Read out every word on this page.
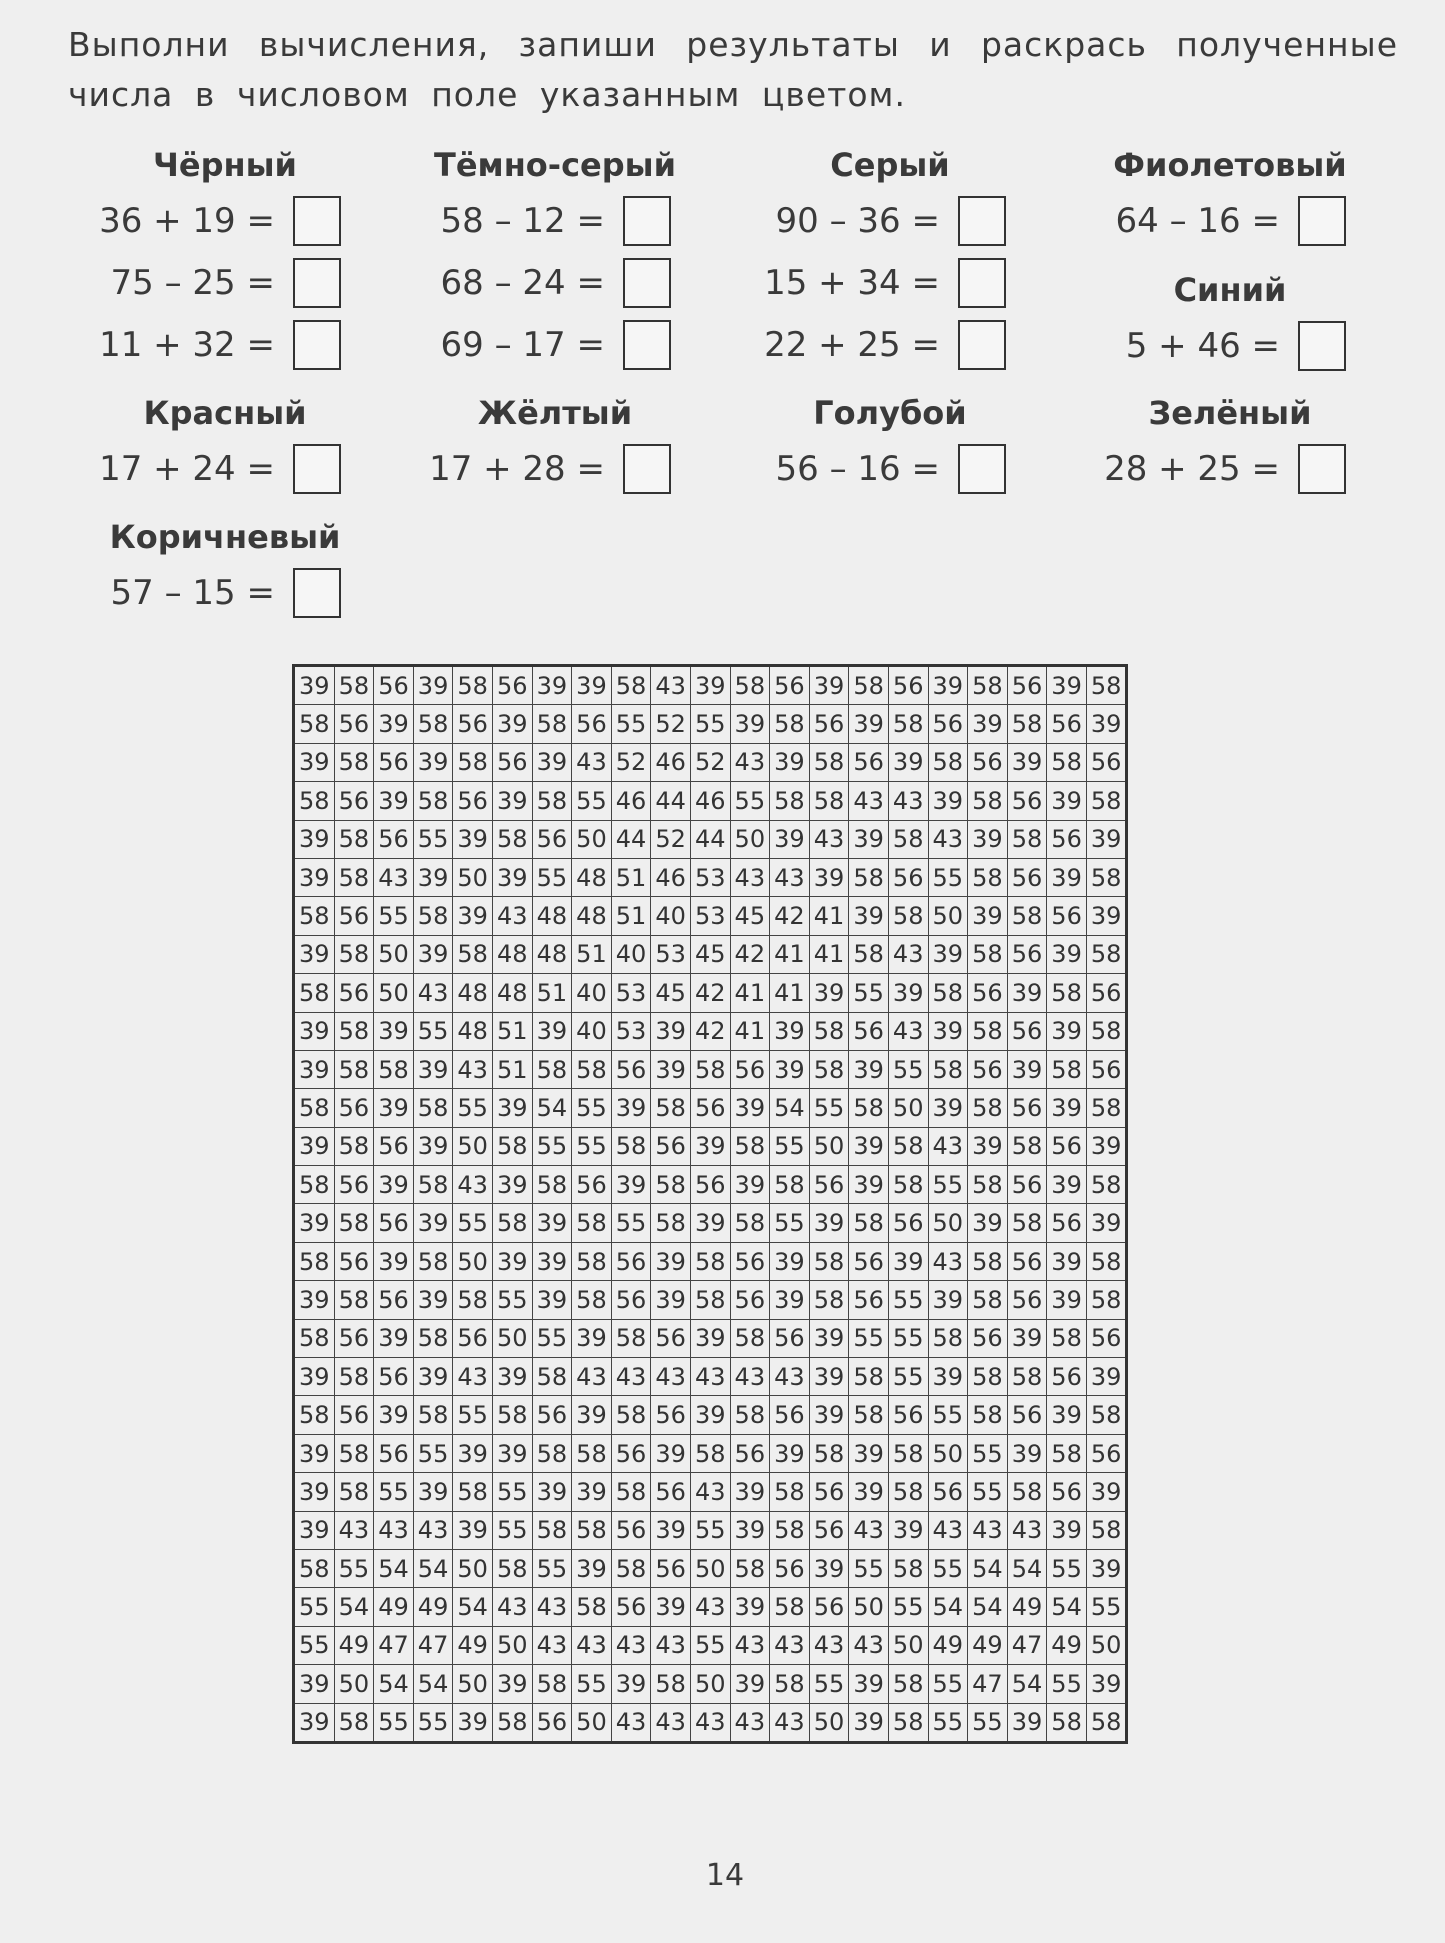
Выполни вычисления, запиши результаты и раскрась полученные числа в числовом поле указанным цветом.
Чёрный
36 + 19 =
75 – 25 =
11 + 32 =
Тёмно-серый
58 – 12 =
68 – 24 =
69 – 17 =
Серый
90 – 36 =
15 + 34 =
22 + 25 =
Фиолетовый
64 – 16 =
Синий
5 + 46 =
Красный
17 + 24 =
Жёлтый
17 + 28 =
Голубой
56 – 16 =
Зелёный
28 + 25 =
Коричневый
57 – 15 =
39	58	56	39	58	56	39	39	58	43	39	58	56	39	58	56	39	58	56	39	58
58	56	39	58	56	39	58	56	55	52	55	39	58	56	39	58	56	39	58	56	39
39	58	56	39	58	56	39	43	52	46	52	43	39	58	56	39	58	56	39	58	56
58	56	39	58	56	39	58	55	46	44	46	55	58	58	43	43	39	58	56	39	58
39	58	56	55	39	58	56	50	44	52	44	50	39	43	39	58	43	39	58	56	39
39	58	43	39	50	39	55	48	51	46	53	43	43	39	58	56	55	58	56	39	58
58	56	55	58	39	43	48	48	51	40	53	45	42	41	39	58	50	39	58	56	39
39	58	50	39	58	48	48	51	40	53	45	42	41	41	58	43	39	58	56	39	58
58	56	50	43	48	48	51	40	53	45	42	41	41	39	55	39	58	56	39	58	56
39	58	39	55	48	51	39	40	53	39	42	41	39	58	56	43	39	58	56	39	58
39	58	58	39	43	51	58	58	56	39	58	56	39	58	39	55	58	56	39	58	56
58	56	39	58	55	39	54	55	39	58	56	39	54	55	58	50	39	58	56	39	58
39	58	56	39	50	58	55	55	58	56	39	58	55	50	39	58	43	39	58	56	39
58	56	39	58	43	39	58	56	39	58	56	39	58	56	39	58	55	58	56	39	58
39	58	56	39	55	58	39	58	55	58	39	58	55	39	58	56	50	39	58	56	39
58	56	39	58	50	39	39	58	56	39	58	56	39	58	56	39	43	58	56	39	58
39	58	56	39	58	55	39	58	56	39	58	56	39	58	56	55	39	58	56	39	58
58	56	39	58	56	50	55	39	58	56	39	58	56	39	55	55	58	56	39	58	56
39	58	56	39	43	39	58	43	43	43	43	43	43	39	58	55	39	58	58	56	39
58	56	39	58	55	58	56	39	58	56	39	58	56	39	58	56	55	58	56	39	58
39	58	56	55	39	39	58	58	56	39	58	56	39	58	39	58	50	55	39	58	56
39	58	55	39	58	55	39	39	58	56	43	39	58	56	39	58	56	55	58	56	39
39	43	43	43	39	55	58	58	56	39	55	39	58	56	43	39	43	43	43	39	58
58	55	54	54	50	58	55	39	58	56	50	58	56	39	55	58	55	54	54	55	39
55	54	49	49	54	43	43	58	56	39	43	39	58	56	50	55	54	54	49	54	55
55	49	47	47	49	50	43	43	43	43	55	43	43	43	43	50	49	49	47	49	50
39	50	54	54	50	39	58	55	39	58	50	39	58	55	39	58	55	47	54	55	39
39	58	55	55	39	58	56	50	43	43	43	43	43	50	39	58	55	55	39	58	58
14
